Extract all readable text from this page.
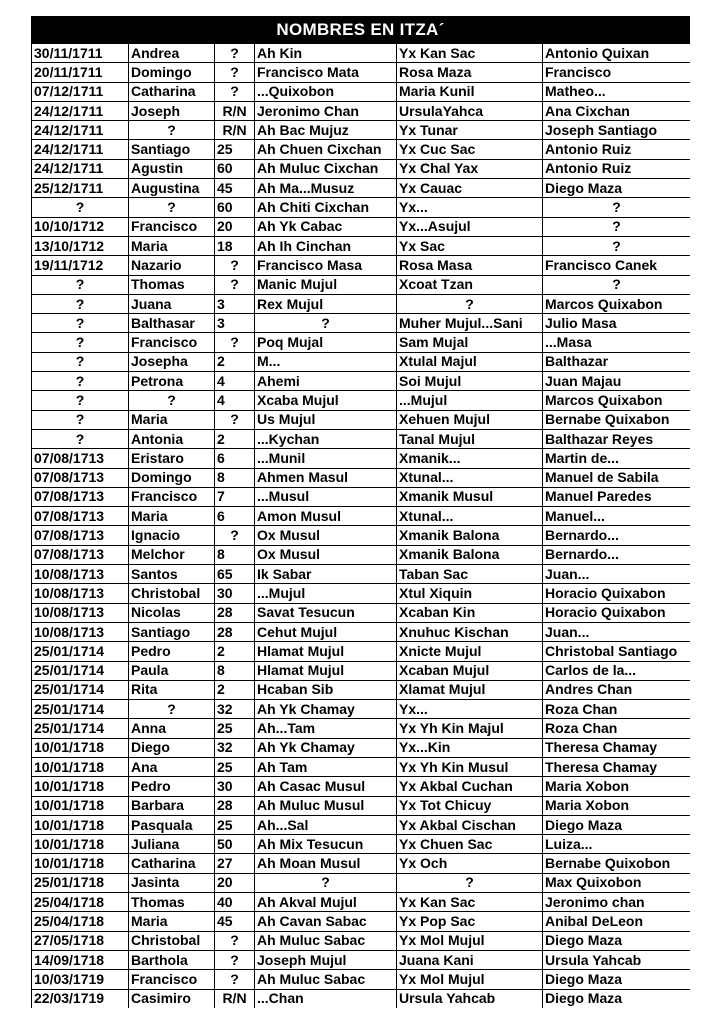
NOMBRES EN ITZA´
30/11/1711	Andrea	?	Ah Kin	Yx Kan Sac	Antonio Quixan
20/11/1711	Domingo	?	Francisco Mata	Rosa Maza	Francisco
07/12/1711	Catharina	?	...Quixobon	Maria Kunil	Matheo...
24/12/1711	Joseph	R/N	Jeronimo Chan	UrsulaYahca	Ana Cixchan
24/12/1711	?	R/N	Ah Bac Mujuz	Yx Tunar	Joseph Santiago
24/12/1711	Santiago	25	Ah Chuen Cixchan	Yx Cuc Sac	Antonio Ruiz
24/12/1711	Agustin	60	Ah Muluc Cixchan	Yx Chal Yax	Antonio Ruiz
25/12/1711	Augustina	45	Ah Ma...Musuz	Yx Cauac	Diego Maza
?	?	60	Ah Chiti Cixchan	Yx...	?
10/10/1712	Francisco	20	Ah Yk Cabac	Yx...Asujul	?
13/10/1712	Maria	18	Ah Ih Cinchan	Yx Sac	?
19/11/1712	Nazario	?	Francisco Masa	Rosa Masa	Francisco Canek
?	Thomas	?	Manic Mujul	Xcoat Tzan	?
?	Juana	3	Rex Mujul	?	Marcos Quixabon
?	Balthasar	3	?	Muher Mujul...Sani	Julio Masa
?	Francisco	?	Poq Mujal	Sam Mujal	...Masa
?	Josepha	2	M...	Xtulal Majul	Balthazar
?	Petrona	4	Ahemi	Soi Mujul	Juan Majau
?	?	4	Xcaba Mujul	...Mujul	Marcos Quixabon
?	Maria	?	Us Mujul	Xehuen Mujul	Bernabe Quixabon
?	Antonia	2	...Kychan	Tanal Mujul	Balthazar Reyes
07/08/1713	Eristaro	6	...Munil	Xmanik...	Martin de...
07/08/1713	Domingo	8	Ahmen Masul	Xtunal...	Manuel de Sabila
07/08/1713	Francisco	7	...Musul	Xmanik Musul	Manuel Paredes
07/08/1713	Maria	6	Amon Musul	Xtunal...	Manuel...
07/08/1713	Ignacio	?	Ox Musul	Xmanik Balona	Bernardo...
07/08/1713	Melchor	8	Ox Musul	Xmanik Balona	Bernardo...
10/08/1713	Santos	65	Ik Sabar	Taban Sac	Juan...
10/08/1713	Christobal	30	...Mujul	Xtul Xiquin	Horacio Quixabon
10/08/1713	Nicolas	28	Savat Tesucun	Xcaban Kin	Horacio Quixabon
10/08/1713	Santiago	28	Cehut Mujul	Xnuhuc Kischan	Juan...
25/01/1714	Pedro	2	Hlamat Mujul	Xnicte Mujul	Christobal Santiago
25/01/1714	Paula	8	Hlamat Mujul	Xcaban Mujul	Carlos de la...
25/01/1714	Rita	2	Hcaban Sib	Xlamat Mujul	Andres Chan
25/01/1714	?	32	Ah Yk Chamay	Yx...	Roza Chan
25/01/1714	Anna	25	Ah...Tam	Yx Yh Kin Majul	Roza Chan
10/01/1718	Diego	32	Ah Yk Chamay	Yx...Kin	Theresa Chamay
10/01/1718	Ana	25	Ah Tam	Yx Yh Kin Musul	Theresa Chamay
10/01/1718	Pedro	30	Ah Casac Musul	Yx Akbal Cuchan	Maria Xobon
10/01/1718	Barbara	28	Ah Muluc Musul	Yx Tot Chicuy	Maria Xobon
10/01/1718	Pasquala	25	Ah...Sal	Yx Akbal Cischan	Diego Maza
10/01/1718	Juliana	50	Ah Mix Tesucun	Yx Chuen Sac	Luiza...
10/01/1718	Catharina	27	Ah Moan Musul	Yx Och	Bernabe Quixobon
25/01/1718	Jasinta	20	?	?	Max Quixobon
25/04/1718	Thomas	40	Ah Akval Mujul	Yx Kan Sac	Jeronimo chan
25/04/1718	Maria	45	Ah Cavan Sabac	Yx Pop Sac	Anibal DeLeon
27/05/1718	Christobal	?	Ah Muluc Sabac	Yx Mol Mujul	Diego Maza
14/09/1718	Barthola	?	Joseph Mujul	Juana Kani	Ursula Yahcab
10/03/1719	Francisco	?	Ah Muluc Sabac	Yx Mol Mujul	Diego Maza
22/03/1719	Casimiro	R/N	...Chan	Ursula Yahcab	Diego Maza
